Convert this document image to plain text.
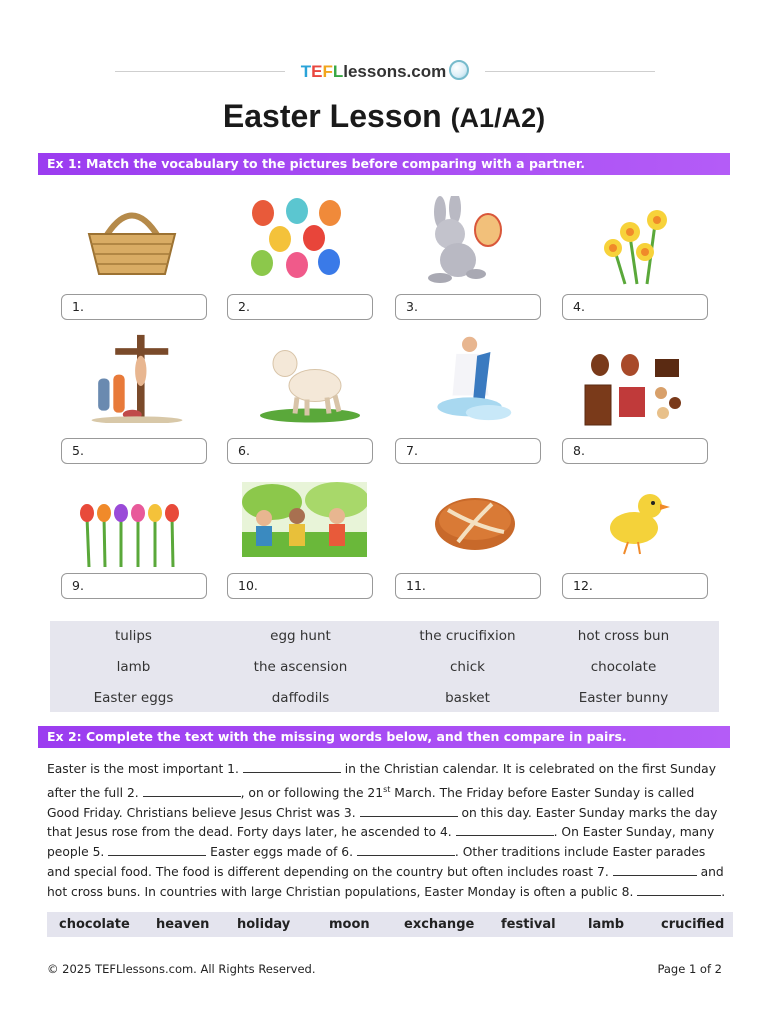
TEFLlessons.com
Easter Lesson (A1/A2)
Ex 1: Match the vocabulary to the pictures before comparing with a partner.
1.	2.	3.	4.
5.	6.	7.	8.
9.	10.	11.	12.
tulips	egg hunt	the crucifixion	hot cross bun
lamb	the ascension	chick	chocolate
Easter eggs	daffodils	basket	Easter bunny
Ex 2: Complete the text with the missing words below, and then compare in pairs.
Easter is the most important 1.	in the Christian calendar. It is celebrated on the first Sunday after the full 2.	, on or following the 21st March. The Friday before Easter Sunday is called Good Friday. Christians believe Jesus Christ was 3.	on this day. Easter Sunday marks the day that Jesus rose from the dead. Forty days later, he ascended to 4.	. On Easter Sunday, many people 5.	Easter eggs made of 6.	. Other traditions include Easter parades and special food. The food is different depending on the country but often includes roast 7.	and hot cross buns. In countries with large Christian populations, Easter Monday is often a public 8.	.
chocolate heaven holiday	moon	exchange festival lamb	crucified
© 2025 TEFLlessons.com. All Rights Reserved.	Page 1 of 2
